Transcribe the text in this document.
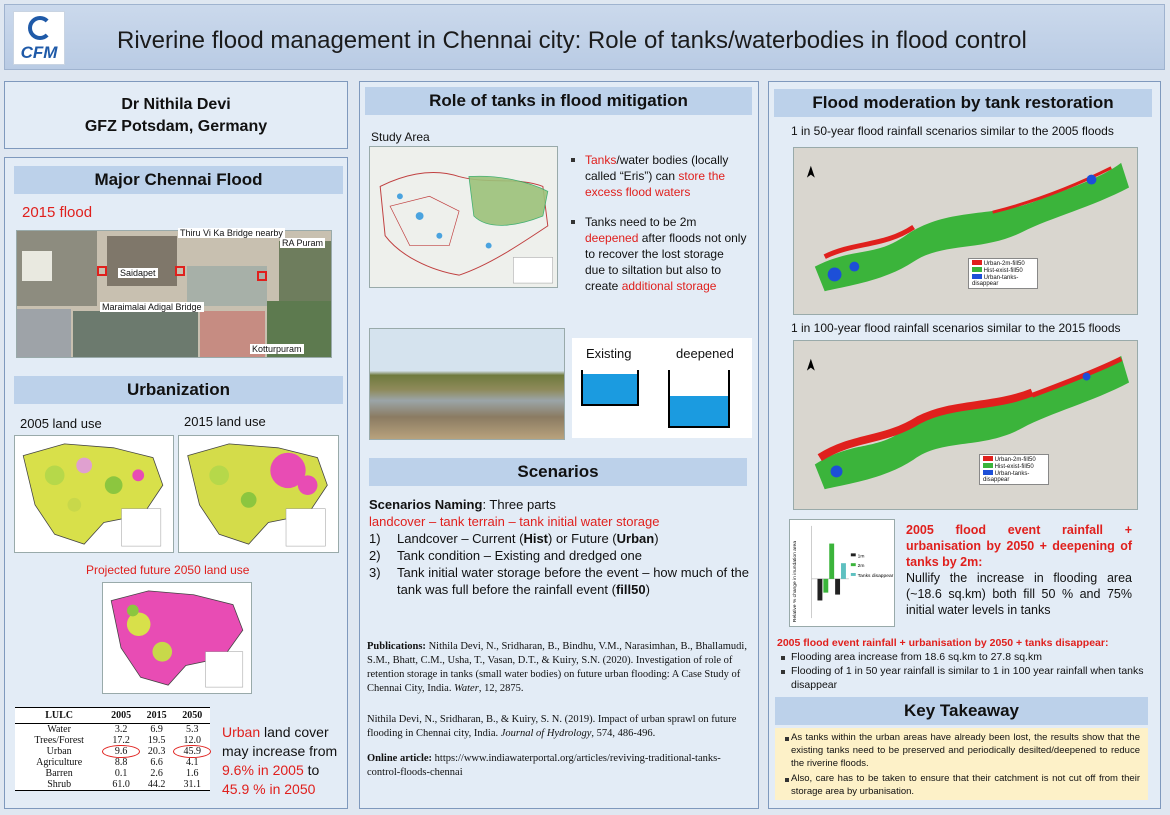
CFM Riverine flood management in Chennai city: Role of tanks/waterbodies in flood control
Dr Nithila Devi
GFZ Potsdam, Germany
Major Chennai Flood
2015 flood
Thiru Vi Ka Bridge nearby
Saidapet
RA Puram
Maraimalai Adigal Bridge
Kotturpuram
Urbanization
2005 land use	2015 land use
Projected future 2050 land use
LULC	2005	2015	2050
Water	3.2	6.9	5.3
Trees/Forest	17.2	19.5	12.0
Urban	9.6	20.3	45.9
Agriculture	8.8	6.6	4.1
Barren	0.1	2.6	1.6
Shrub	61.0	44.2	31.1
Urban land cover may increase from 9.6% in 2005 to 45.9 % in 2050
Role of tanks in flood mitigation
Study Area
Tanks/water bodies (locally called “Eris”) can store the excess flood waters
Tanks need to be 2m deepened after floods not only to recover the lost storage due to siltation but also to create additional storage
Existing	deepened
Scenarios
Scenarios Naming: Three parts
landcover – tank terrain – tank initial water storage
1) Landcover – Current (Hist) or Future (Urban)
2) Tank condition – Existing and dredged one
3) Tank initial water storage before the event – how much of the tank was full before the rainfall event (fill50)
Publications: Nithila Devi, N., Sridharan, B., Bindhu, V.M., Narasimhan, B., Bhallamudi, S.M., Bhatt, C.M., Usha, T., Vasan, D.T., & Kuiry, S.N. (2020). Investigation of role of retention storage in tanks (small water bodies) on future urban flooding: A Case Study of Chennai City, India. Water, 12, 2875.
Nithila Devi, N., Sridharan, B., & Kuiry, S. N. (2019). Impact of urban sprawl on future flooding in Chennai city, India. Journal of Hydrology, 574, 486-496.
Online article: https://www.indiawaterportal.org/articles/reviving-traditional-tanks-control-floods-chennai
Flood moderation by tank restoration
1 in 50-year flood rainfall scenarios similar to the 2005 floods
Urban-2m-fill50
Hist-exist-fill50
Urban-tanks-disappear
1 in 100-year flood rainfall scenarios similar to the 2015 floods
Urban-2m-fill50
Hist-exist-fill50
Urban-tanks-disappear
Relative % change in inundation area	1m
2m
Tanks disappear
2005 flood event rainfall + urbanisation by 2050 + deepening of tanks by 2m:
Nullify the increase in flooding area (~18.6 sq.km) both fill 50 % and 75% initial water levels in tanks
2005 flood event rainfall + urbanisation by 2050 + tanks disappear:
Flooding area increase from 18.6 sq.km to 27.8 sq.km
Flooding of 1 in 50 year rainfall is similar to 1 in 100 year rainfall when tanks disappear
Key Takeaway
As tanks within the urban areas have already been lost, the results show that the existing tanks need to be preserved and periodically desilted/deepened to reduce the riverine floods.
Also, care has to be taken to ensure that their catchment is not cut off from their storage area by urbanisation.
